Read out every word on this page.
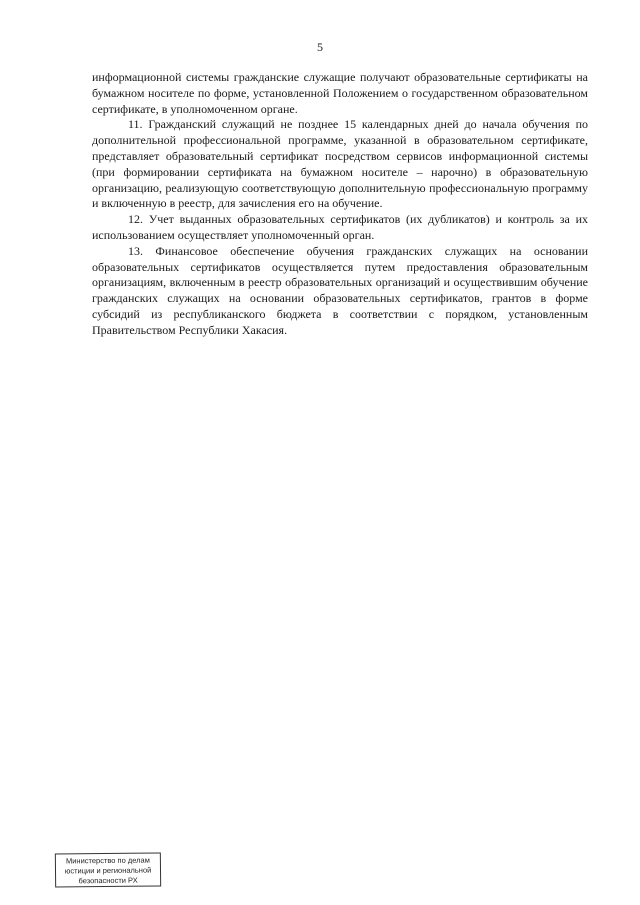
5

информационной системы гражданские служащие получают образовательные сертификаты на бумажном носителе по форме, установленной Положением о государственном образовательном сертификате, в уполномоченном органе.

11. Гражданский служащий не позднее 15 календарных дней до начала обучения по дополнительной профессиональной программе, указанной в образовательном сертификате, представляет образовательный сертификат посредством сервисов информационной системы (при формировании сертификата на бумажном носителе – нарочно) в образовательную организацию, реализующую соответствующую дополнительную профессиональную программу и включенную в реестр, для зачисления его на обучение.

12. Учет выданных образовательных сертификатов (их дубликатов) и контроль за их использованием осуществляет уполномоченный орган.

13. Финансовое обеспечение обучения гражданских служащих на основании образовательных сертификатов осуществляется путем предоставления образовательным организациям, включенным в реестр образовательных организаций и осуществившим обучение гражданских служащих на основании образовательных сертификатов, грантов в форме субсидий из республиканского бюджета в соответствии с порядком, установленным Правительством Республики Хакасия.

Министерство по делам
юстиции и региональной
безопасности РХ
